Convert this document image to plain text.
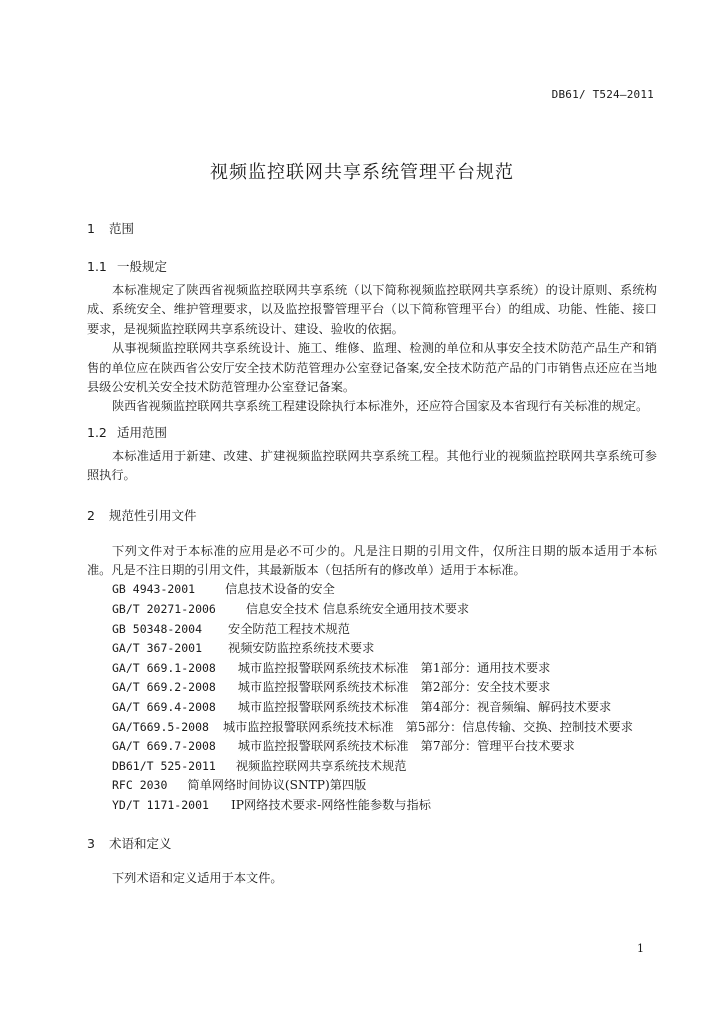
DB61/ T524—2011
视频监控联网共享系统管理平台规范
1 范围
1.1 一般规定

本标准规定了陕西省视频监控联网共享系统（以下简称视频监控联网共享系统）的设计原则、系统构成、系统安全、维护管理要求，以及监控报警管理平台（以下简称管理平台）的组成、功能、性能、接口要求，是视频监控联网共享系统设计、建设、验收的依据。

从事视频监控联网共享系统设计、施工、维修、监理、检测的单位和从事安全技术防范产品生产和销售的单位应在陕西省公安厅安全技术防范管理办公室登记备案,安全技术防范产品的门市销售点还应在当地县级公安机关安全技术防范管理办公室登记备案。

陕西省视频监控联网共享系统工程建设除执行本标准外，还应符合国家及本省现行有关标准的规定。

1.2 适用范围

本标准适用于新建、改建、扩建视频监控联网共享系统工程。其他行业的视频监控联网共享系统可参照执行。

2 规范性引用文件

下列文件对于本标准的应用是必不可少的。凡是注日期的引用文件，仅所注日期的版本适用于本标准。凡是不注日期的引用文件，其最新版本（包括所有的修改单）适用于本标准。

GB 4943-2001 信息技术设备的安全
GB/T 20271-2006 信息安全技术 信息系统安全通用技术要求
GB 50348-2004 安全防范工程技术规范
GA/T 367-2001 视频安防监控系统技术要求
GA/T 669.1-2008 城市监控报警联网系统技术标准　第1部分：通用技术要求
GA/T 669.2-2008 城市监控报警联网系统技术标准　第2部分：安全技术要求
GA/T 669.4-2008 城市监控报警联网系统技术标准　第4部分：视音频编、解码技术要求
GA/T669.5-2008 城市监控报警联网系统技术标准　第5部分：信息传输、交换、控制技术要求
GA/T 669.7-2008 城市监控报警联网系统技术标准　第7部分：管理平台技术要求
DB61/T 525-2011 视频监控联网共享系统技术规范
RFC 2030 简单网络时间协议(SNTP)第四版
YD/T 1171-2001 IP网络技术要求-网络性能参数与指标
3 术语和定义

下列术语和定义适用于本文件。

1
